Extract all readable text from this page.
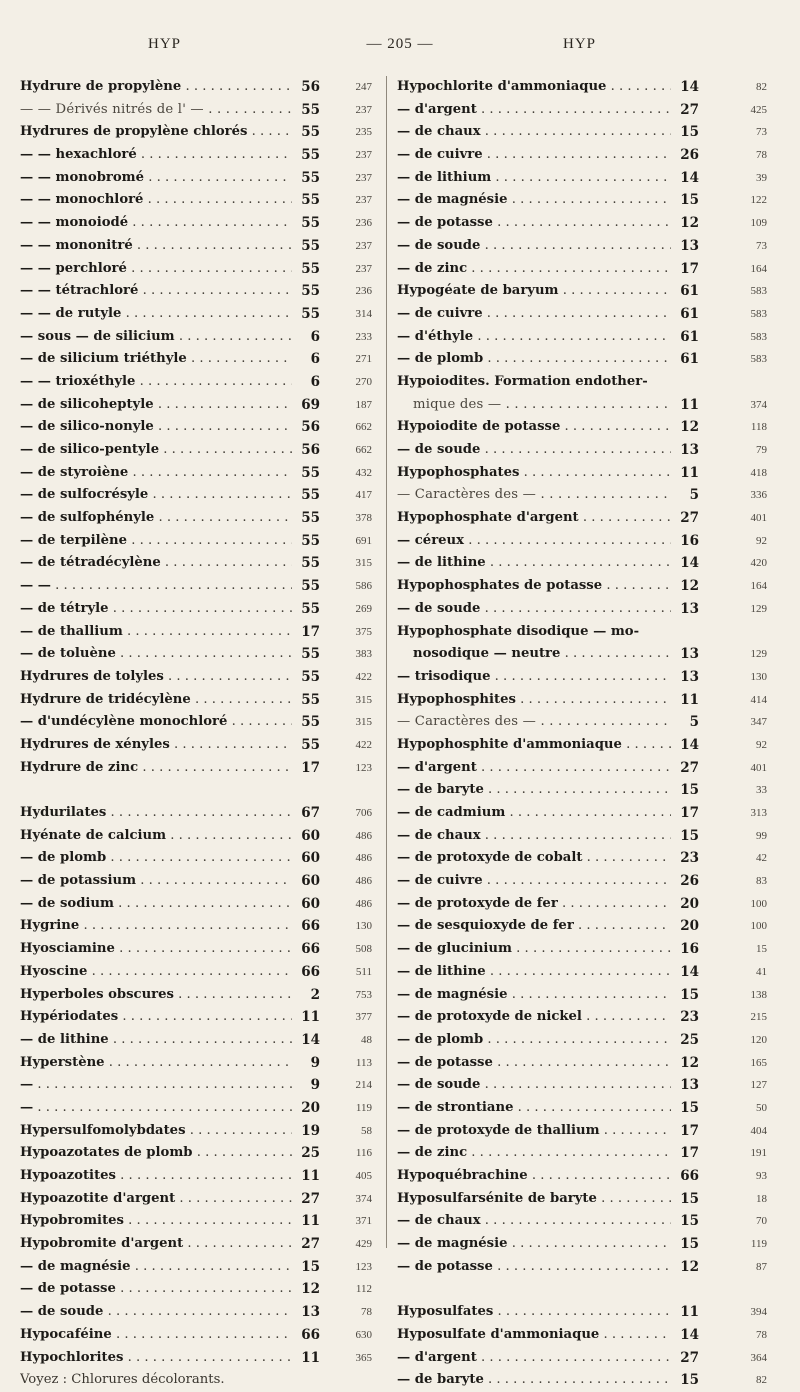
HYP	— 205 —	HYP
Hydrure de propylène . . .	56	247
— — Dérivés nitrés de l' — . . .	55	237
Hydrures de propylène chlorés . . .	55	235
— — hexachloré . . .	55	237
— — monobromé . . .	55	237
— — monochloré . . .	55	237
— — monoiodé . . .	55	236
— — mononitré . . .	55	237
— — perchloré . . .	55	237
— — tétrachloré . . .	55	236
— — de rutyle . . .	55	314
— sous — de silicium . . .	6	233
— de silicium triéthyle . . .	6	271
— — trioxéthyle . . .	6	270
— de silicoheptyle . . .	69	187
— de silico-nonyle . . .	56	662
— de silico-pentyle . . .	56	662
— de styroiène . . .	55	432
— de sulfocrésyle . . .	55	417
— de sulfophényle . . .	55	378
— de terpilène . . .	55	691
— de tétradécylène . . .	55	315
— — . . .	55	586
— de tétryle . . .	55	269
— de thallium . . .	17	375
— de toluène . . .	55	383
Hydrures de tolyles . . .	55	422
Hydrure de tridécylène . . .	55	315
— d'undécylène monochloré . . .	55	315
Hydrures de xényles . . .	55	422
Hydrure de zinc . . .	17	123
Hydurilates . . .	67	706
Hyénate de calcium . . .	60	486
— de plomb . . .	60	486
— de potassium . . .	60	486
— de sodium . . .	60	486
Hygrine . . .	66	130
Hyosciamine . . .	66	508
Hyoscine . . .	66	511
Hyperboles obscures . . .	2	753
Hypériodates . . .	11	377
— de lithine . . .	14	48
Hyperstène . . .	9	113
— . . .	9	214
— . . .	20	119
Hypersulfomolybdates . . .	19	58
Hypoazotates de plomb . . .	25	116
Hypoazotites . . .	11	405
Hypoazotite d'argent . . .	27	374
Hypobromites . . .	11	371
Hypobromite d'argent . . .	27	429
— de magnésie . . .	15	123
— de potasse . . .	12	112
— de soude . . .	13	78
Hypocaféine . . .	66	630
Hypochlorites . . .	11	365
Voyez : Chlorures décolorants.
Hypochlorite d'ammoniaque . . .	14	82
— d'argent . . .	27	425
— de chaux . . .	15	73
— de cuivre . . .	26	78
— de lithium . . .	14	39
— de magnésie . . .	15	122
— de potasse . . .	12	109
— de soude . . .	13	73
— de zinc . . .	17	164
Hypogéate de baryum . . .	61	583
— de cuivre . . .	61	583
— d'éthyle . . .	61	583
— de plomb . . .	61	583
Hypoiodites. Formation endother-
mique des — . . .	11	374
Hypoiodite de potasse . . .	12	118
— de soude . . .	13	79
Hypophosphates . . .	11	418
— Caractères des — . . .	5	336
Hypophosphate d'argent . . .	27	401
— céreux . . .	16	92
— de lithine . . .	14	420
Hypophosphates de potasse . . .	12	164
— de soude . . .	13	129
Hypophosphate disodique — mo-
nosodique — neutre . . .	13	129
— trisodique . . .	13	130
Hypophosphites . . .	11	414
— Caractères des — . . .	5	347
Hypophosphite d'ammoniaque . . .	14	92
— d'argent . . .	27	401
— de baryte . . .	15	33
— de cadmium . . .	17	313
— de chaux . . .	15	99
— de protoxyde de cobalt . . .	23	42
— de cuivre . . .	26	83
— de protoxyde de fer . . .	20	100
— de sesquioxyde de fer . . .	20	100
— de glucinium . . .	16	15
— de lithine . . .	14	41
— de magnésie . . .	15	138
— de protoxyde de nickel . . .	23	215
— de plomb . . .	25	120
— de potasse . . .	12	165
— de soude . . .	13	127
— de strontiane . . .	15	50
— de protoxyde de thallium . . .	17	404
— de zinc . . .	17	191
Hypoquébrachine . . .	66	93
Hyposulfarsénite de baryte . . .	15	18
— de chaux . . .	15	70
— de magnésie . . .	15	119
— de potasse . . .	12	87
Hyposulfates . . .	11	394
Hyposulfate d'ammoniaque . . .	14	78
— d'argent . . .	27	364
— de baryte . . .	15	82
